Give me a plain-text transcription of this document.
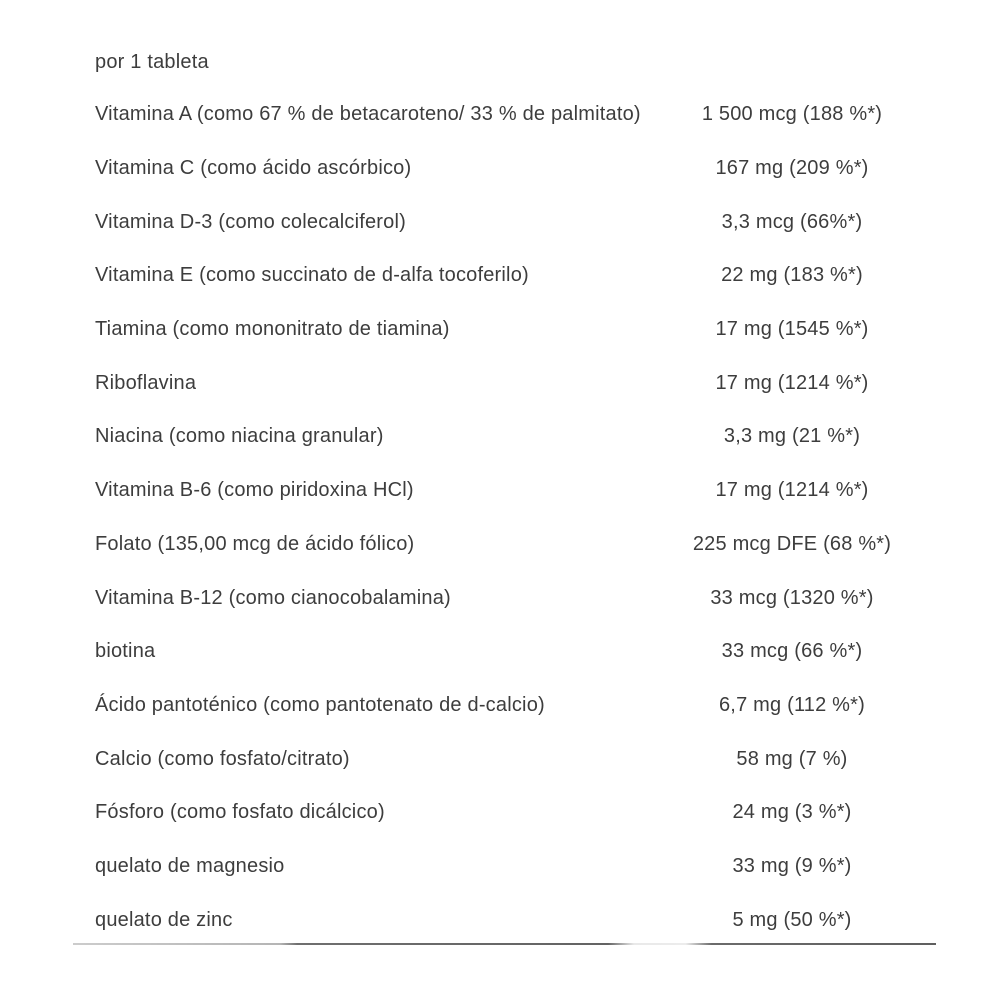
por 1 tableta
Vitamina A (como 67 % de betacaroteno/ 33 % de palmitato)	1 500 mcg (188 %*)
Vitamina C (como ácido ascórbico)	167 mg (209 %*)
Vitamina D-3 (como colecalciferol)	3,3 mcg (66%*)
Vitamina E (como succinato de d-alfa tocoferilo)	22 mg (183 %*)
Tiamina (como mononitrato de tiamina)	17 mg (1545 %*)
Riboflavina	17 mg (1214 %*)
Niacina (como niacina granular)	3,3 mg (21 %*)
Vitamina B-6 (como piridoxina HCl)	17 mg (1214 %*)
Folato (135,00 mcg de ácido fólico)	225 mcg DFE (68 %*)
Vitamina B-12 (como cianocobalamina)	33 mcg (1320 %*)
biotina	33 mcg (66 %*)
Ácido pantoténico (como pantotenato de d-calcio)	6,7 mg (112 %*)
Calcio (como fosfato/citrato)	58 mg (7 %)
Fósforo (como fosfato dicálcico)	24 mg (3 %*)
quelato de magnesio	33 mg (9 %*)
quelato de zinc	5 mg (50 %*)
